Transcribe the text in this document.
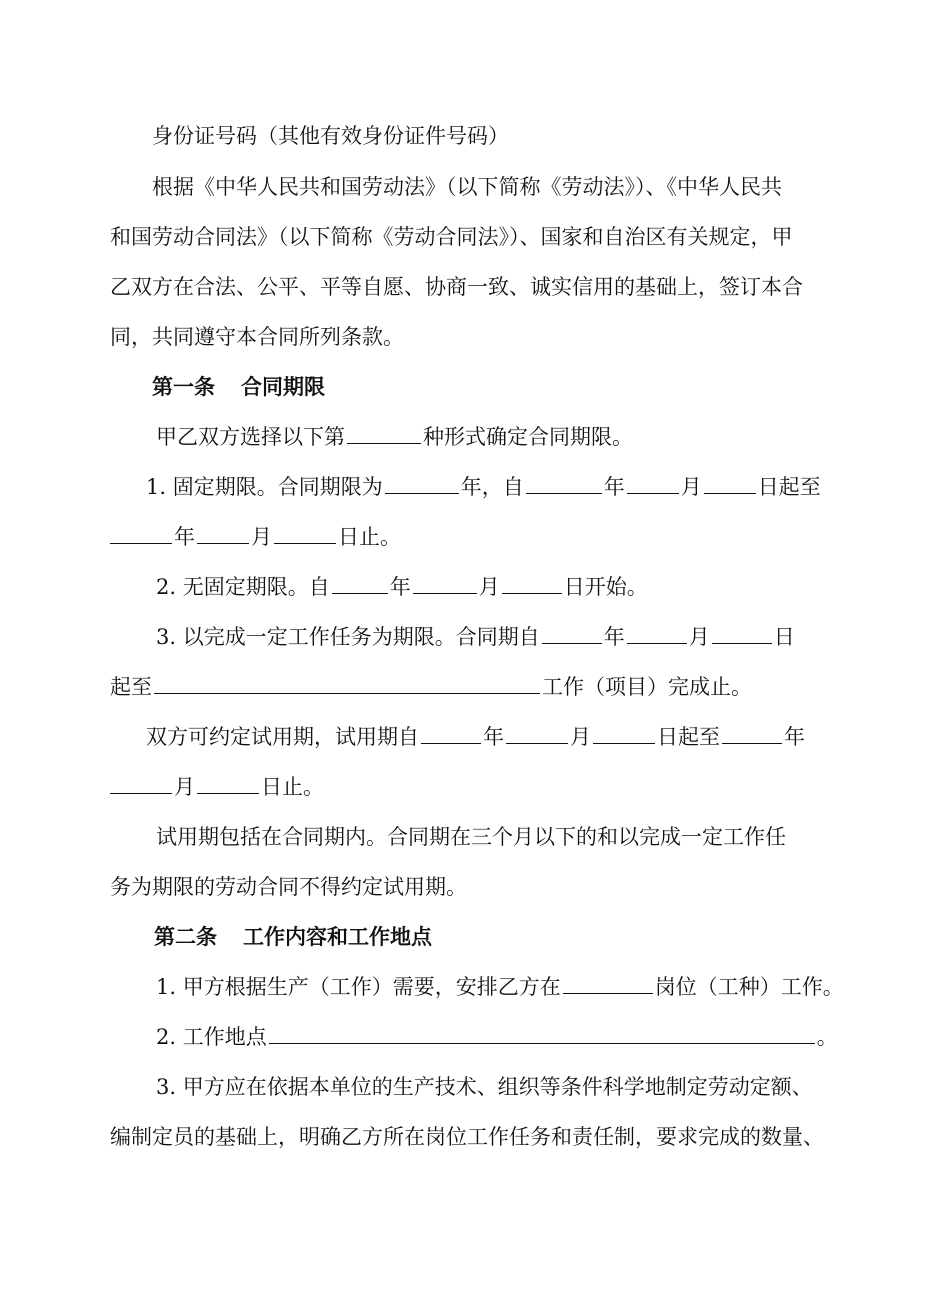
身份证号码（其他有效身份证件号码）
根据《中华人民共和国劳动法》（以下简称《劳动法》）、《中华人民共
和国劳动合同法》（以下简称《劳动合同法》）、国家和自治区有关规定，甲
乙双方在合法、公平、平等自愿、协商一致、诚实信用的基础上，签订本合
同，共同遵守本合同所列条款。
第一条 合同期限
甲乙双方选择以下第	种形式确定合同期限。
1. 固定期限。合同期限为	年，自	年	月	日起至
年	月	日止。
2. 无固定期限。自	年	月	日开始。
3. 以完成一定工作任务为期限。合同期自	年	月	日
起至	工作（项目）完成止。
双方可约定试用期，试用期自	年	月	日起至	年
月	日止。
试用期包括在合同期内。合同期在三个月以下的和以完成一定工作任
务为期限的劳动合同不得约定试用期。
第二条 工作内容和工作地点
1. 甲方根据生产（工作）需要，安排乙方在	岗位（工种）工作。
2. 工作地点	。
3. 甲方应在依据本单位的生产技术、组织等条件科学地制定劳动定额、
编制定员的基础上，明确乙方所在岗位工作任务和责任制，要求完成的数量、
